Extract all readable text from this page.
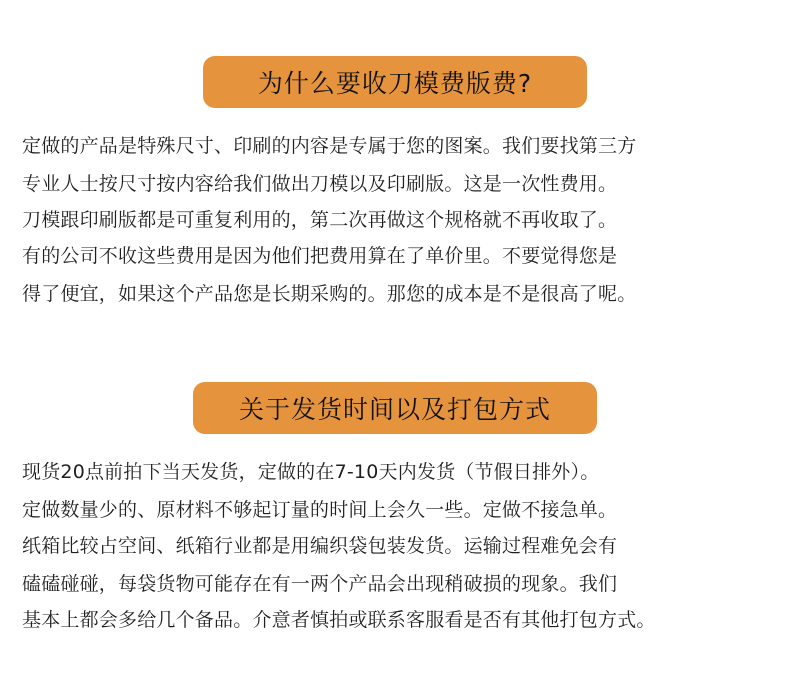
为什么要收刀模费版费?
定做的产品是特殊尺寸、印刷的内容是专属于您的图案。我们要找第三方
专业人士按尺寸按内容给我们做出刀模以及印刷版。这是一次性费用。
刀模跟印刷版都是可重复利用的，第二次再做这个规格就不再收取了。
有的公司不收这些费用是因为他们把费用算在了单价里。不要觉得您是
得了便宜，如果这个产品您是长期采购的。那您的成本是不是很高了呢。
关于发货时间以及打包方式
现货20点前拍下当天发货，定做的在7-10天内发货（节假日排外）。
定做数量少的、原材料不够起订量的时间上会久一些。定做不接急单。
纸箱比较占空间、纸箱行业都是用编织袋包装发货。运输过程难免会有
磕磕碰碰，每袋货物可能存在有一两个产品会出现稍破损的现象。我们
基本上都会多给几个备品。介意者慎拍或联系客服看是否有其他打包方式。
